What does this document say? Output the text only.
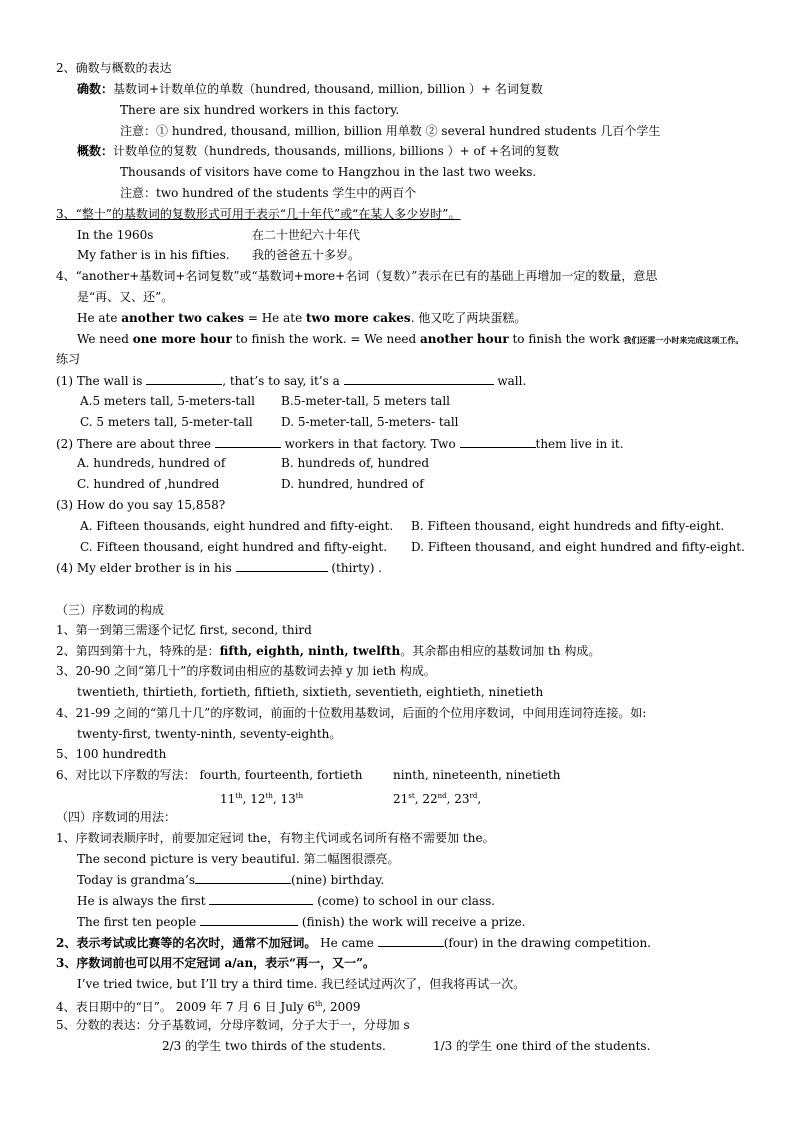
2、确数与概数的表达
确数：基数词+计数单位的单数（hundred, thousand, million, billion ）+ 名词复数
There are six hundred workers in this factory.
注意：① hundred, thousand, million, billion 用单数 ② several hundred students 几百个学生
概数：计数单位的复数（hundreds, thousands, millions, billions ）+ of +名词的复数
Thousands of visitors have come to Hangzhou in the last two weeks.
注意：two hundred of the students 学生中的两百个
3、“整十”的基数词的复数形式可用于表示“几十年代”或“在某人多少岁时”。
In the 1960s	在二十世纪六十年代
My father is in his fifties. 我的爸爸五十多岁。
4、“another+基数词+名词复数”或“基数词+more+名词（复数）”表示在已有的基础上再增加一定的数量，意思
是“再、又、还”。
He ate another two cakes = He ate two more cakes. 他又吃了两块蛋糕。
We need one more hour to finish the work. = We need another hour to finish the work 我们还需一小时来完成这项工作。
练习
(1) The wall is	, that’s to say, it’s a	wall.
A.5 meters tall, 5-meters-tall B.5-meter-tall, 5 meters tall
C. 5 meters tall, 5-meter-tall D. 5-meter-tall, 5-meters- tall
(2) There are about three	workers in that factory. Two	them live in it.
A. hundreds, hundred of	B. hundreds of, hundred
C. hundred of ,hundred	D. hundred, hundred of
(3) How do you say 15,858?
A. Fifteen thousands, eight hundred and fifty-eight. B. Fifteen thousand, eight hundreds and fifty-eight.
C. Fifteen thousand, eight hundred and fifty-eight. D. Fifteen thousand, and eight hundred and fifty-eight.
(4) My elder brother is in his	(thirty) .
（三）序数词的构成
1、第一到第三需逐个记忆 first, second, third
2、第四到第十九，特殊的是：fifth, eighth, ninth, twelfth。其余都由相应的基数词加 th 构成。
3、20-90 之间“第几十”的序数词由相应的基数词去掉 y 加 ieth 构成。
twentieth, thirtieth, fortieth, fiftieth, sixtieth, seventieth, eightieth, ninetieth
4、21-99 之间的“第几十几”的序数词，前面的十位数用基数词，后面的个位用序数词，中间用连词符连接。如:
twenty-first, twenty-ninth, seventy-eighth。
5、100 hundredth
6、对比以下序数的写法： fourth, fourteenth, fortieth	ninth, nineteenth, ninetieth
11th, 12th, 13th	21st, 22nd, 23rd,
（四）序数词的用法：
1、序数词表顺序时，前要加定冠词 the，有物主代词或名词所有格不需要加 the。
The second picture is very beautiful. 第二幅图很漂亮。
Today is grandma’s	(nine) birthday.
He is always the first	(come) to school in our class.
The first ten people	(finish) the work will receive a prize.
2、表示考试或比赛等的名次时，通常不加冠词。 He came	(four) in the drawing competition.
3、序数词前也可以用不定冠词 a/an，表示“再一，又一”。
I’ve tried twice, but I’ll try a third time. 我已经试过两次了，但我将再试一次。
4、表日期中的“日”。 2009 年 7 月 6 日 July 6th, 2009
5、分数的表达：分子基数词，分母序数词，分子大于一，分母加 s
2/3 的学生 two thirds of the students.	1/3 的学生 one third of the students.
